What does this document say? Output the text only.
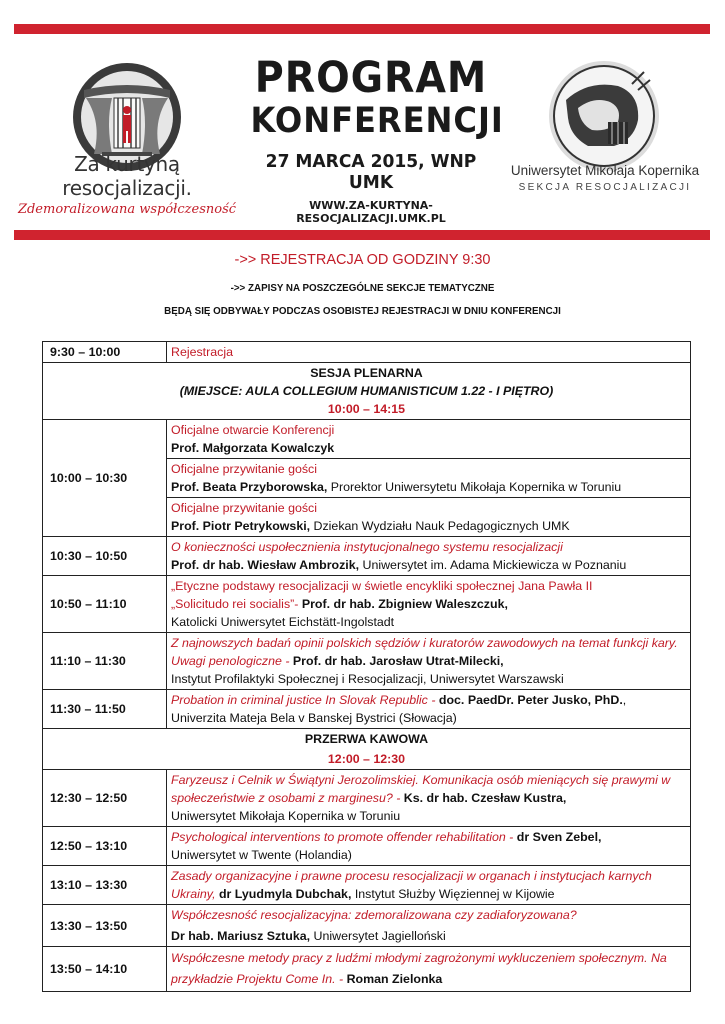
Za kurtyną resocjalizacji.
Zdemoralizowana współczesność
PROGRAM
KONFERENCJI
27 MARCA 2015, WNP UMK
WWW.ZA-KURTYNA-RESOCJALIZACJI.UMK.PL
Uniwersytet Mikołaja Kopernika
SEKCJA RESOCJALIZACJI
->> REJESTRACJA OD GODZINY 9:30
->> ZAPISY NA POSZCZEGÓLNE SEKCJE TEMATYCZNE
BĘDĄ SIĘ ODBYWAŁY PODCZAS OSOBISTEJ REJESTRACJI W DNIU KONFERENCJI
9:30 – 10:00	Rejestracja

SESJA PLENARNA
(MIEJSCE: AULA COLLEGIUM HUMANISTICUM 1.22 - I PIĘTRO)
10:00 – 14:15	

10:00 – 10:30	Oficjalne otwarcie Konferencji
Prof. Małgorzata Kowalczyk

	Oficjalne przywitanie gości
Prof. Beata Przyborowska, Prorektor Uniwersytetu Mikołaja Kopernika w Toruniu

	Oficjalne przywitanie gości
Prof. Piotr Petrykowski, Dziekan Wydziału Nauk Pedagogicznych UMK

10:30 – 10:50	O konieczności uspołecznienia instytucjonalnego systemu resocjalizacji
Prof. dr hab. Wiesław Ambrozik, Uniwersytet im. Adama Mickiewicza w Poznaniu

10:50 – 11:10	„Etyczne podstawy resocjalizacji w świetle encykliki społecznej Jana Pawła II
„Solicitudo rei socialis”- Prof. dr hab. Zbigniew Waleszczuk,
Katolicki Uniwersytet Eichstätt-Ingolstadt

11:10 – 11:30	Z najnowszych badań opinii polskich sędziów i kuratorów zawodowych na temat funkcji kary. Uwagi penologiczne - Prof. dr hab. Jarosław Utrat-Milecki,
Instytut Profilaktyki Społecznej i Resocjalizacji, Uniwersytet Warszawski

11:30 – 11:50	Probation in criminal justice In Slovak Republic - doc. PaedDr. Peter Jusko, PhD.,
Univerzita Mateja Bela v Banskej Bystrici (Słowacja)

PRZERWA KAWOWA
12:00 – 12:30	

12:30 – 12:50	Faryzeusz i Celnik w Świątyni Jerozolimskiej. Komunikacja osób mieniących się prawymi w społeczeństwie z osobami z marginesu? - Ks. dr hab. Czesław Kustra,
Uniwersytet Mikołaja Kopernika w Toruniu

12:50 – 13:10	Psychological interventions to promote offender rehabilitation - dr Sven Zebel,
Uniwersytet w Twente (Holandia)

13:10 – 13:30	Zasady organizacyjne i prawne procesu resocjalizacji w organach i instytucjach karnych Ukrainy, dr Lyudmyla Dubchak, Instytut Służby Więziennej w Kijowie

13:30 – 13:50	Współczesność resocjalizacyjna: zdemoralizowana czy zadiaforyzowana?
Dr hab. Mariusz Sztuka, Uniwersytet Jagielloński

13:50 – 14:10	Współczesne metody pracy z ludźmi młodymi zagrożonymi wykluczeniem społecznym. Na przykładzie Projektu Come In. - Roman Zielonka
